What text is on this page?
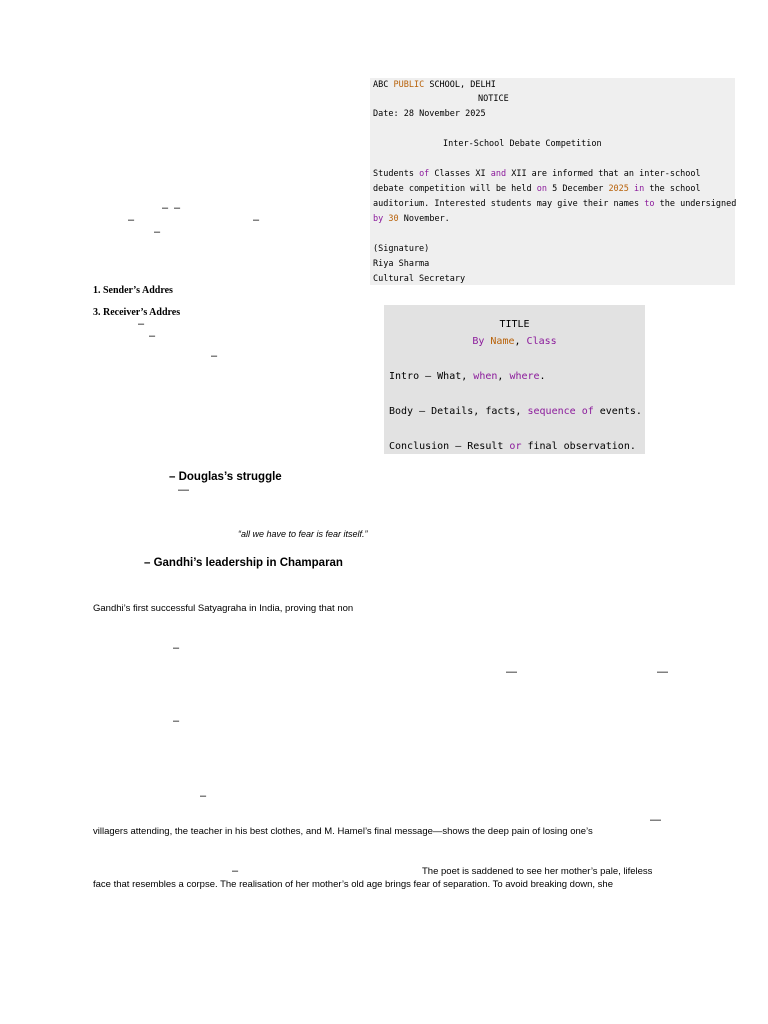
ABC PUBLIC SCHOOL, DELHI
NOTICE
Date: 28 November 2025
Inter-School Debate Competition
Students of Classes XI and XII are informed that an inter-school
debate competition will be held on 5 December 2025 in the school
auditorium. Interested students may give their names to the undersigned
by 30 November.
(Signature)
Riya Sharma
Cultural Secretary
– –
–	–
–
1. Sender’s Addres
3. Receiver’s Addres
–
–
–
TITLE
By Name, Class
Intro – What, when, where.
Body – Details, facts, sequence of events.
Conclusion – Result or final observation.
– Douglas’s struggle
—
“all we have to fear is fear itself.”
– Gandhi’s leadership in Champaran
Gandhi’s first successful Satyagraha in India, proving that non
–
—	—
–
–
—
villagers attending, the teacher in his best clothes, and M. Hamel’s final message—shows the deep pain of losing one’s
–	The poet is saddened to see her mother’s pale, lifeless
face that resembles a corpse. The realisation of her mother’s old age brings fear of separation. To avoid breaking down, she
